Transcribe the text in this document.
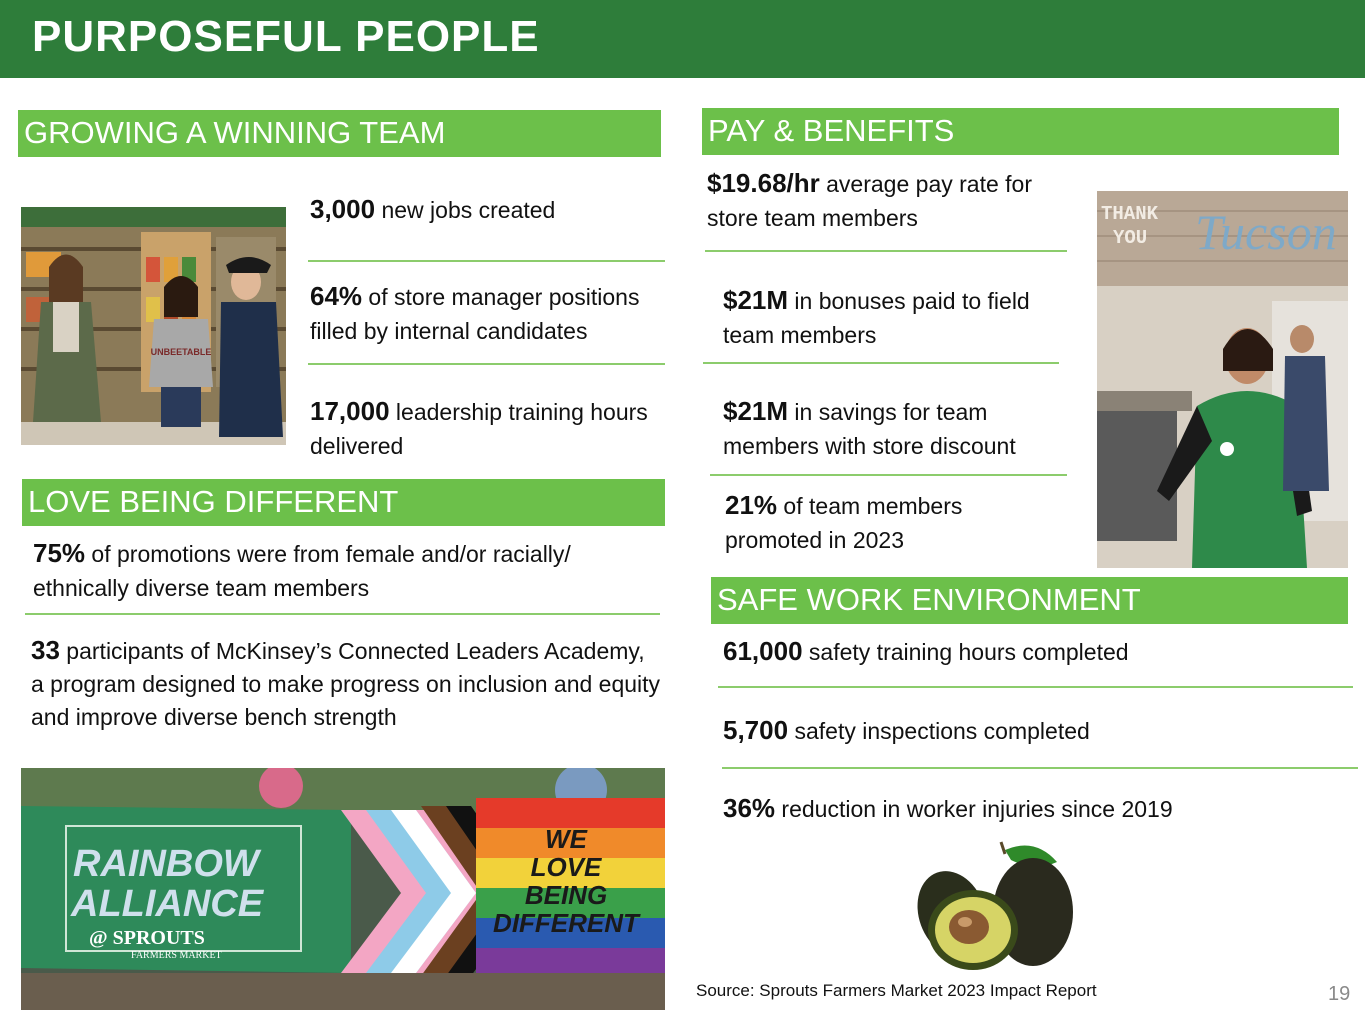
PURPOSEFUL PEOPLE
GROWING A WINNING TEAM
UNBEETABLE
3,000 new jobs created
64% of store manager positions filled by internal candidates
17,000 leadership training hours delivered
LOVE BEING DIFFERENT
75% of promotions were from female and/or racially/ ethnically diverse team members
33 participants of McKinsey’s Connected Leaders Academy, a program designed to make progress on inclusion and equity and improve diverse bench strength
RAINBOW
ALLIANCE
@ SPROUTS
FARMERS MARKET
WE
LOVE
BEING
DIFFERENT
PAY & BENEFITS
$19.68/hr average pay rate for store team members
$21M in bonuses paid to field team members
$21M in savings for team members with store discount
21% of team members promoted in 2023
THANK
YOU Tucson
SAFE WORK ENVIRONMENT
61,000 safety training hours completed
5,700 safety inspections completed
36% reduction in worker injuries since 2019
Source: Sprouts Farmers Market 2023 Impact Report	19
